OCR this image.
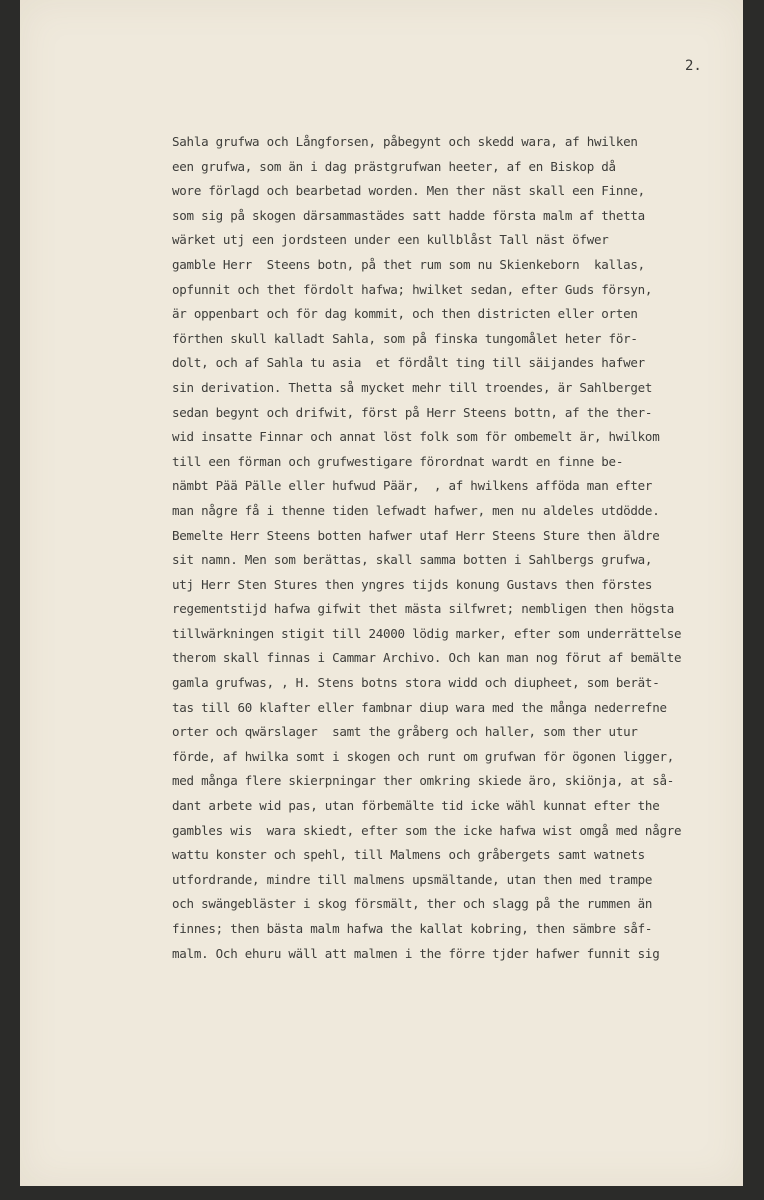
2.
Sahla grufwa och Långforsen, påbegynt och skedd wara, af hwilken
een grufwa, som än i dag prästgrufwan heeter, af en Biskop då
wore förlagd och bearbetad worden. Men ther näst skall een Finne,
som sig på skogen därsammastädes satt hadde första malm af thetta
wärket utj een jordsteen under een kullblåst Tall näst öfwer
gamble Herr  Steens botn, på thet rum som nu Skienkeborn  kallas,
opfunnit och thet fördolt hafwa; hwilket sedan, efter Guds försyn,
är oppenbart och för dag kommit, och then districten eller orten
förthen skull kalladt Sahla, som på finska tungomålet heter för-
dolt, och af Sahla tu asia  et fördålt ting till säijandes hafwer
sin derivation. Thetta så mycket mehr till troendes, är Sahlberget
sedan begynt och drifwit, först på Herr Steens bottn, af the ther-
wid insatte Finnar och annat löst folk som för ombemelt är, hwilkom
till een förman och grufwestigare förordnat wardt en finne be-
nämbt Pää Pälle eller hufwud Päär,  , af hwilkens afföda man efter
man någre få i thenne tiden lefwadt hafwer, men nu aldeles utdödde.
Bemelte Herr Steens botten hafwer utaf Herr Steens Sture then äldre
sit namn. Men som berättas, skall samma botten i Sahlbergs grufwa,
utj Herr Sten Stures then yngres tijds konung Gustavs then förstes
regementstijd hafwa gifwit thet mästa silfwret; nembligen then högsta
tillwärkningen stigit till 24000 lödig marker, efter som underrättelse
therom skall finnas i Cammar Archivo. Och kan man nog förut af bemälte
gamla grufwas, , H. Stens botns stora widd och diupheet, som berät-
tas till 60 klafter eller fambnar diup wara med the många nederrefne
orter och qwärslager  samt the gråberg och haller, som ther utur
förde, af hwilka somt i skogen och runt om grufwan för ögonen ligger,
med många flere skierpningar ther omkring skiede äro, skiönja, at så-
dant arbete wid pas, utan förbemälte tid icke wähl kunnat efter the
gambles wis  wara skiedt, efter som the icke hafwa wist omgå med någre
wattu konster och spehl, till Malmens och gråbergets samt watnets
utfordrande, mindre till malmens upsmältande, utan then med trampe
och swängebläster i skog försmält, ther och slagg på the rummen än
finnes; then bästa malm hafwa the kallat kobring, then sämbre såf-
malm. Och ehuru wäll att malmen i the förre tjder hafwer funnit sig
